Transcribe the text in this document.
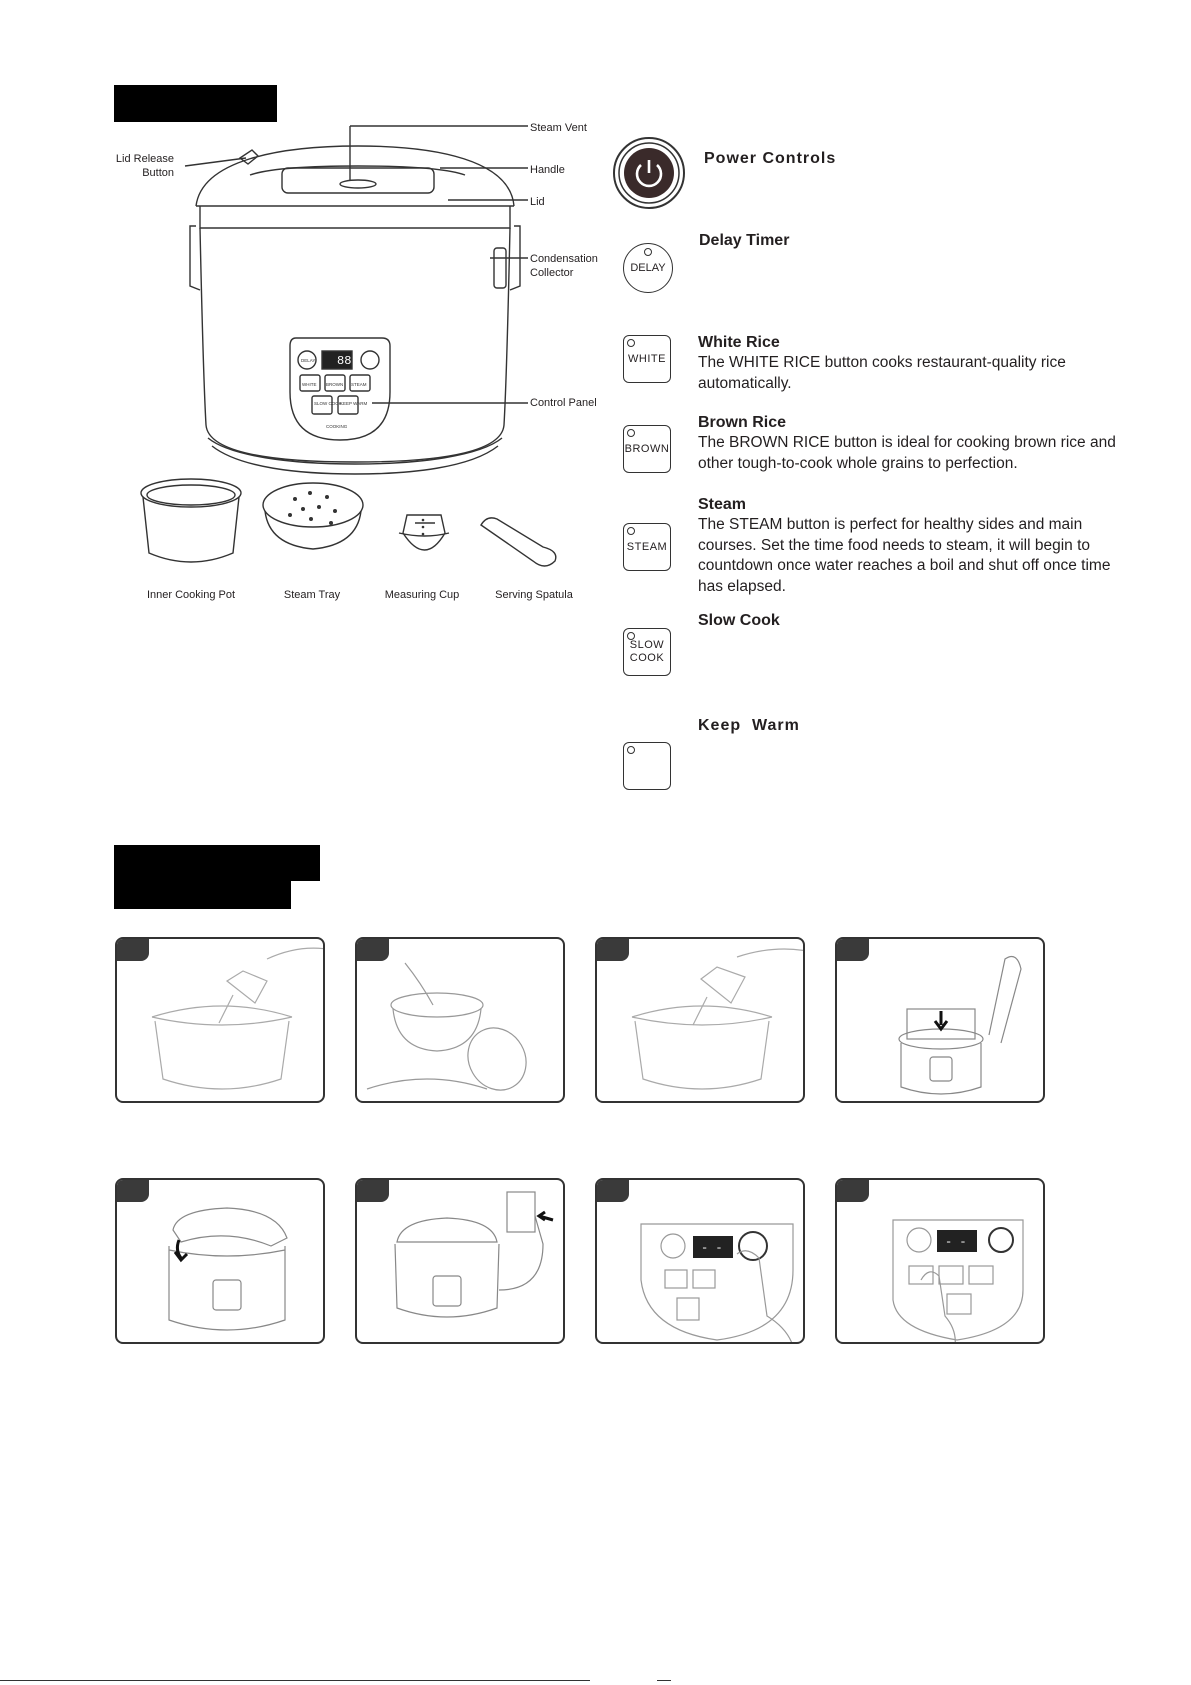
88
DELAY
WHITE BROWN STEAM
SLOW COOK
KEEP WARM
COOKING
Steam Vent
Lid Release
Button	Handle
Lid
Condensation
Collector
Control Panel
Inner Cooking Pot	Steam Tray	Measuring Cup	Serving Spatula
DELAY
WHITE
BROWN
STEAM
SLOW
COOK
Power Controls
Delay Timer
White Rice
The WHITE RICE button cooks restaurant-quality rice automatically.
Brown Rice
The BROWN RICE button is ideal for cooking brown rice and other tough-to-cook whole grains to perfection.
Steam
The STEAM button is perfect for healthy sides and main courses. Set the time food needs to steam, it will begin to countdown once water reaches a boil and shut off once time has elapsed.
Slow Cook
Keep  Warm
- -	- -
